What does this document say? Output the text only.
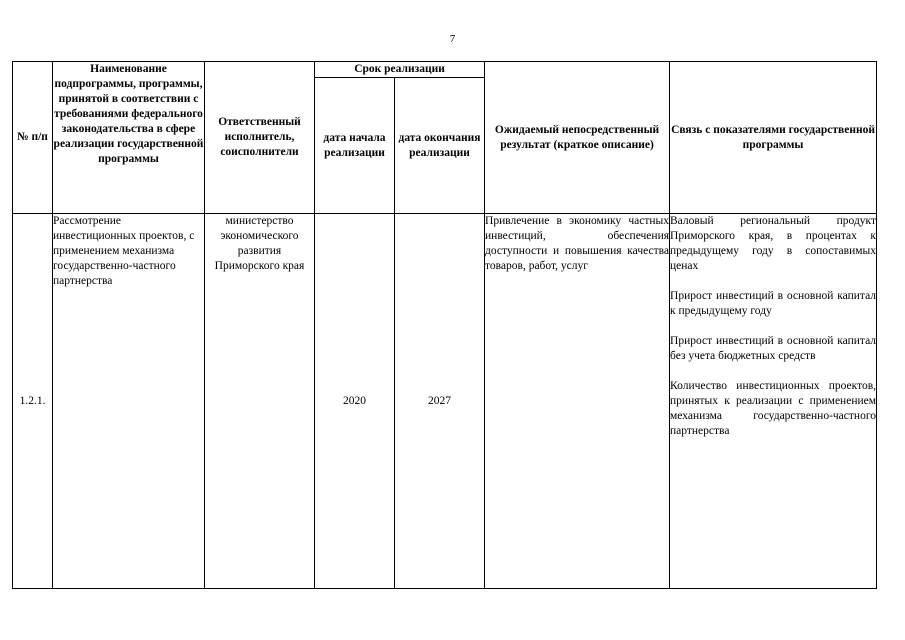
7
№ п/п	Наименование подпрограммы, программы, принятой в соответствии с требованиями федерального законодательства в сфере реализации государственной программы	Ответственный исполнитель, соисполнители	Срок реализации		Ожидаемый непосредственный результат (краткое описание)	Связь с показателями государственной программы
			дата начала реализации	дата окончания реализации		
1.2.1.	Рассмотрение инвестиционных проектов, с применением механизма государственно-частного партнерства	министерство экономического развития Приморского края	2020	2027	Привлечение в экономику частных инвестиций, обеспечения доступности и повышения качества товаров, работ, услуг	Валовый региональный продукт Приморского края, в процентах к предыдущему году в сопоставимых ценах

Прирост инвестиций в основной капитал к предыдущему году

Прирост инвестиций в основной капитал без учета бюджетных средств

Количество инвестиционных проектов, принятых к реализации с применением механизма государственно-частного партнерства
